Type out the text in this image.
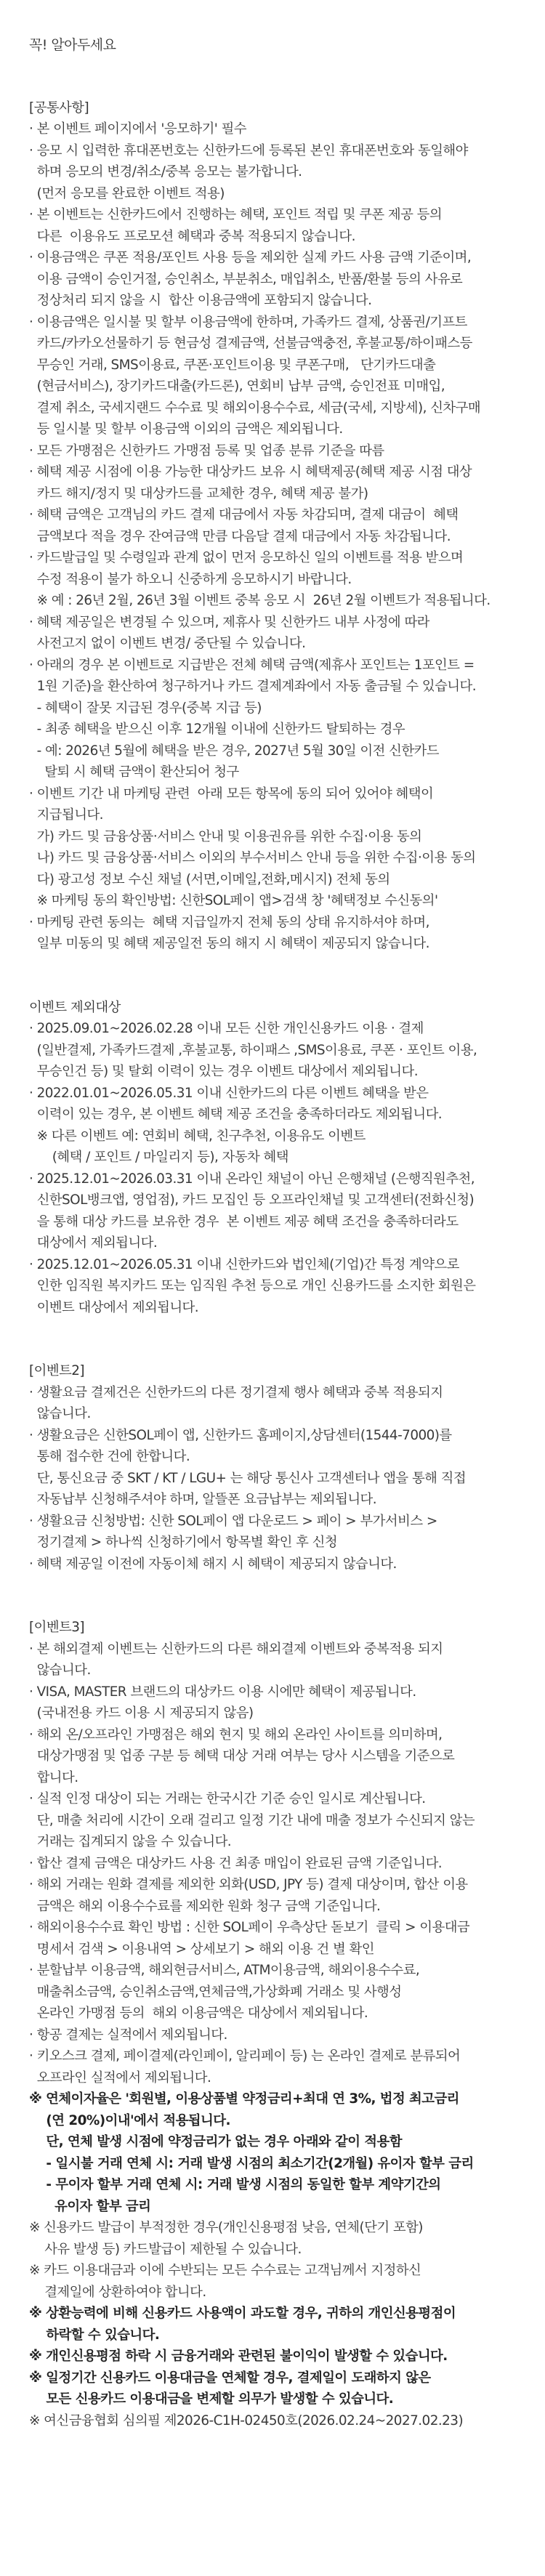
꼭! 알아두세요
[공통사항]
· 본 이벤트 페이지에서 '응모하기' 필수
· 응모 시 입력한 휴대폰번호는 신한카드에 등록된 본인 휴대폰번호와 동일해야
하며 응모의 변경/취소/중복 응모는 불가합니다.
(먼저 응모를 완료한 이벤트 적용)
· 본 이벤트는 신한카드에서 진행하는 혜택, 포인트 적립 및 쿠폰 제공 등의
다른  이용유도 프로모션 혜택과 중복 적용되지 않습니다.
· 이용금액은 쿠폰 적용/포인트 사용 등을 제외한 실제 카드 사용 금액 기준이며,
이용 금액이 승인거절, 승인취소, 부분취소, 매입취소, 반품/환불 등의 사유로
정상처리 되지 않을 시  합산 이용금액에 포함되지 않습니다.
· 이용금액은 일시불 및 할부 이용금액에 한하며, 가족카드 결제, 상품권/기프트
카드/카카오선물하기 등 현금성 결제금액, 선불금액충전, 후불교통/하이패스등
무승인 거래, SMS이용료, 쿠폰·포인트이용 및 쿠폰구매,   단기카드대출
(현금서비스), 장기카드대출(카드론), 연회비 납부 금액, 승인전표 미매입,
결제 취소, 국세지랜드 수수료 및 해외이용수수료, 세금(국세, 지방세), 신차구매
등 일시불 및 할부 이용금액 이외의 금액은 제외됩니다.
· 모든 가맹점은 신한카드 가맹점 등록 및 업종 분류 기준을 따름
· 혜택 제공 시점에 이용 가능한 대상카드 보유 시 혜택제공(혜택 제공 시점 대상
카드 해지/정지 및 대상카드를 교체한 경우, 혜택 제공 불가)
· 혜택 금액은 고객님의 카드 결제 대금에서 자동 차감되며, 결제 대금이  혜택
금액보다 적을 경우 잔여금액 만큼 다음달 결제 대금에서 자동 차감됩니다.
· 카드발급일 및 수령일과 관계 없이 먼저 응모하신 일의 이벤트를 적용 받으며
수정 적용이 불가 하오니 신중하게 응모하시기 바랍니다.
※ 예 : 26년 2월, 26년 3월 이벤트 중복 응모 시  26년 2월 이벤트가 적용됩니다.
· 혜택 제공일은 변경될 수 있으며, 제휴사 및 신한카드 내부 사정에 따라
사전고지 없이 이벤트 변경/ 중단될 수 있습니다.
· 아래의 경우 본 이벤트로 지급받은 전체 혜택 금액(제휴사 포인트는 1포인트 =
1원 기준)을 환산하여 청구하거나 카드 결제계좌에서 자동 출금될 수 있습니다.
- 혜택이 잘못 지급된 경우(중복 지급 등)
- 최종 혜택을 받으신 이후 12개월 이내에 신한카드 탈퇴하는 경우
- 예: 2026년 5월에 혜택을 받은 경우, 2027년 5월 30일 이전 신한카드
탈퇴 시 혜택 금액이 환산되어 청구
· 이벤트 기간 내 마케팅 관련  아래 모든 항목에 동의 되어 있어야 혜택이
지급됩니다.
가) 카드 및 금융상품·서비스 안내 및 이용권유를 위한 수집·이용 동의
나) 카드 및 금융상품·서비스 이외의 부수서비스 안내 등을 위한 수집·이용 동의
다) 광고성 정보 수신 채널 (서면,이메일,전화,메시지) 전체 동의
※ 마케팅 동의 확인방법: 신한SOL페이 앱>검색 창 '혜택정보 수신동의'
· 마케팅 관련 동의는  혜택 지급일까지 전체 동의 상태 유지하셔야 하며,
일부 미동의 및 혜택 제공일전 동의 해지 시 혜택이 제공되지 않습니다.
이벤트 제외대상
· 2025.09.01~2026.02.28 이내 모든 신한 개인신용카드 이용 · 결제
(일반결제, 가족카드결제 ,후불교통, 하이패스 ,SMS이용료, 쿠폰 · 포인트 이용,
무승인건 등) 및 탈회 이력이 있는 경우 이벤트 대상에서 제외됩니다.
· 2022.01.01~2026.05.31 이내 신한카드의 다른 이벤트 혜택을 받은
이력이 있는 경우, 본 이벤트 혜택 제공 조건을 충족하더라도 제외됩니다.
※ 다른 이벤트 예: 연회비 혜택, 친구추천, 이용유도 이벤트
(혜택 / 포인트 / 마일리지 등), 자동차 혜택
· 2025.12.01~2026.03.31 이내 온라인 채널이 아닌 은행채널 (은행직원추천,
신한SOL뱅크앱, 영업점), 카드 모집인 등 오프라인채널 및 고객센터(전화신청)
을 통해 대상 카드를 보유한 경우  본 이벤트 제공 혜택 조건을 충족하더라도
대상에서 제외됩니다.
· 2025.12.01~2026.05.31 이내 신한카드와 법인체(기업)간 특정 계약으로
인한 임직원 복지카드 또는 임직원 추천 등으로 개인 신용카드를 소지한 회원은
이벤트 대상에서 제외됩니다.
[이벤트2]
· 생활요금 결제건은 신한카드의 다른 정기결제 행사 혜택과 중복 적용되지
않습니다.
· 생활요금은 신한SOL페이 앱, 신한카드 홈페이지,상담센터(1544-7000)를
통해 접수한 건에 한합니다.
단, 통신요금 중 SKT / KT / LGU+ 는 해당 통신사 고객센터나 앱을 통해 직접
자동납부 신청해주셔야 하며, 알뜰폰 요금납부는 제외됩니다.
· 생활요금 신청방법: 신한 SOL페이 앱 다운로드 > 페이 > 부가서비스 >
정기결제 > 하나씩 신청하기에서 항목별 확인 후 신청
· 혜택 제공일 이전에 자동이체 해지 시 혜택이 제공되지 않습니다.
[이벤트3]
· 본 해외결제 이벤트는 신한카드의 다른 해외결제 이벤트와 중복적용 되지
않습니다.
· VISA, MASTER 브랜드의 대상카드 이용 시에만 혜택이 제공됩니다.
(국내전용 카드 이용 시 제공되지 않음)
· 해외 온/오프라인 가맹점은 해외 현지 및 해외 온라인 사이트를 의미하며,
대상가맹점 및 업종 구분 등 혜택 대상 거래 여부는 당사 시스템을 기준으로
합니다.
· 실적 인정 대상이 되는 거래는 한국시간 기준 승인 일시로 계산됩니다.
단, 매출 처리에 시간이 오래 걸리고 일정 기간 내에 매출 정보가 수신되지 않는
거래는 집계되지 않을 수 있습니다.
· 합산 결제 금액은 대상카드 사용 건 최종 매입이 완료된 금액 기준입니다.
· 해외 거래는 원화 결제를 제외한 외화(USD, JPY 등) 결제 대상이며, 합산 이용
금액은 해외 이용수수료를 제외한 원화 청구 금액 기준입니다.
· 해외이용수수료 확인 방법 : 신한 SOL페이 우측상단 돋보기  클릭 > 이용대금
명세서 검색 > 이용내역 > 상세보기 > 해외 이용 건 별 확인
· 분할납부 이용금액, 해외현금서비스, ATM이용금액, 해외이용수수료,
매출취소금액, 승인취소금액,연체금액,가상화폐 거래소 및 사행성
온라인 가맹점 등의  해외 이용금액은 대상에서 제외됩니다.
· 항공 결제는 실적에서 제외됩니다.
· 키오스크 결제, 페이결제(라인페이, 알리페이 등) 는 온라인 결제로 분류되어
오프라인 실적에서 제외됩니다.
※ 연체이자율은 '회원별, 이용상품별 약정금리+최대 연 3%, 법정 최고금리
(연 20%)이내'에서 적용됩니다.
단, 연체 발생 시점에 약정금리가 없는 경우 아래와 같이 적용함
- 일시불 거래 연체 시: 거래 발생 시점의 최소기간(2개월) 유이자 할부 금리
- 무이자 할부 거래 연체 시: 거래 발생 시점의 동일한 할부 계약기간의
유이자 할부 금리
※ 신용카드 발급이 부적정한 경우(개인신용평점 낮음, 연체(단기 포함)
사유 발생 등) 카드발급이 제한될 수 있습니다.
※ 카드 이용대금과 이에 수반되는 모든 수수료는 고객님께서 지정하신
결제일에 상환하여야 합니다.
※ 상환능력에 비해 신용카드 사용액이 과도할 경우, 귀하의 개인신용평점이
하락할 수 있습니다.
※ 개인신용평점 하락 시 금융거래와 관련된 불이익이 발생할 수 있습니다.
※ 일정기간 신용카드 이용대금을 연체할 경우, 결제일이 도래하지 않은
모든 신용카드 이용대금을 변제할 의무가 발생할 수 있습니다.
※ 여신금융협회 심의필 제2026-C1H-02450호(2026.02.24~2027.02.23)
